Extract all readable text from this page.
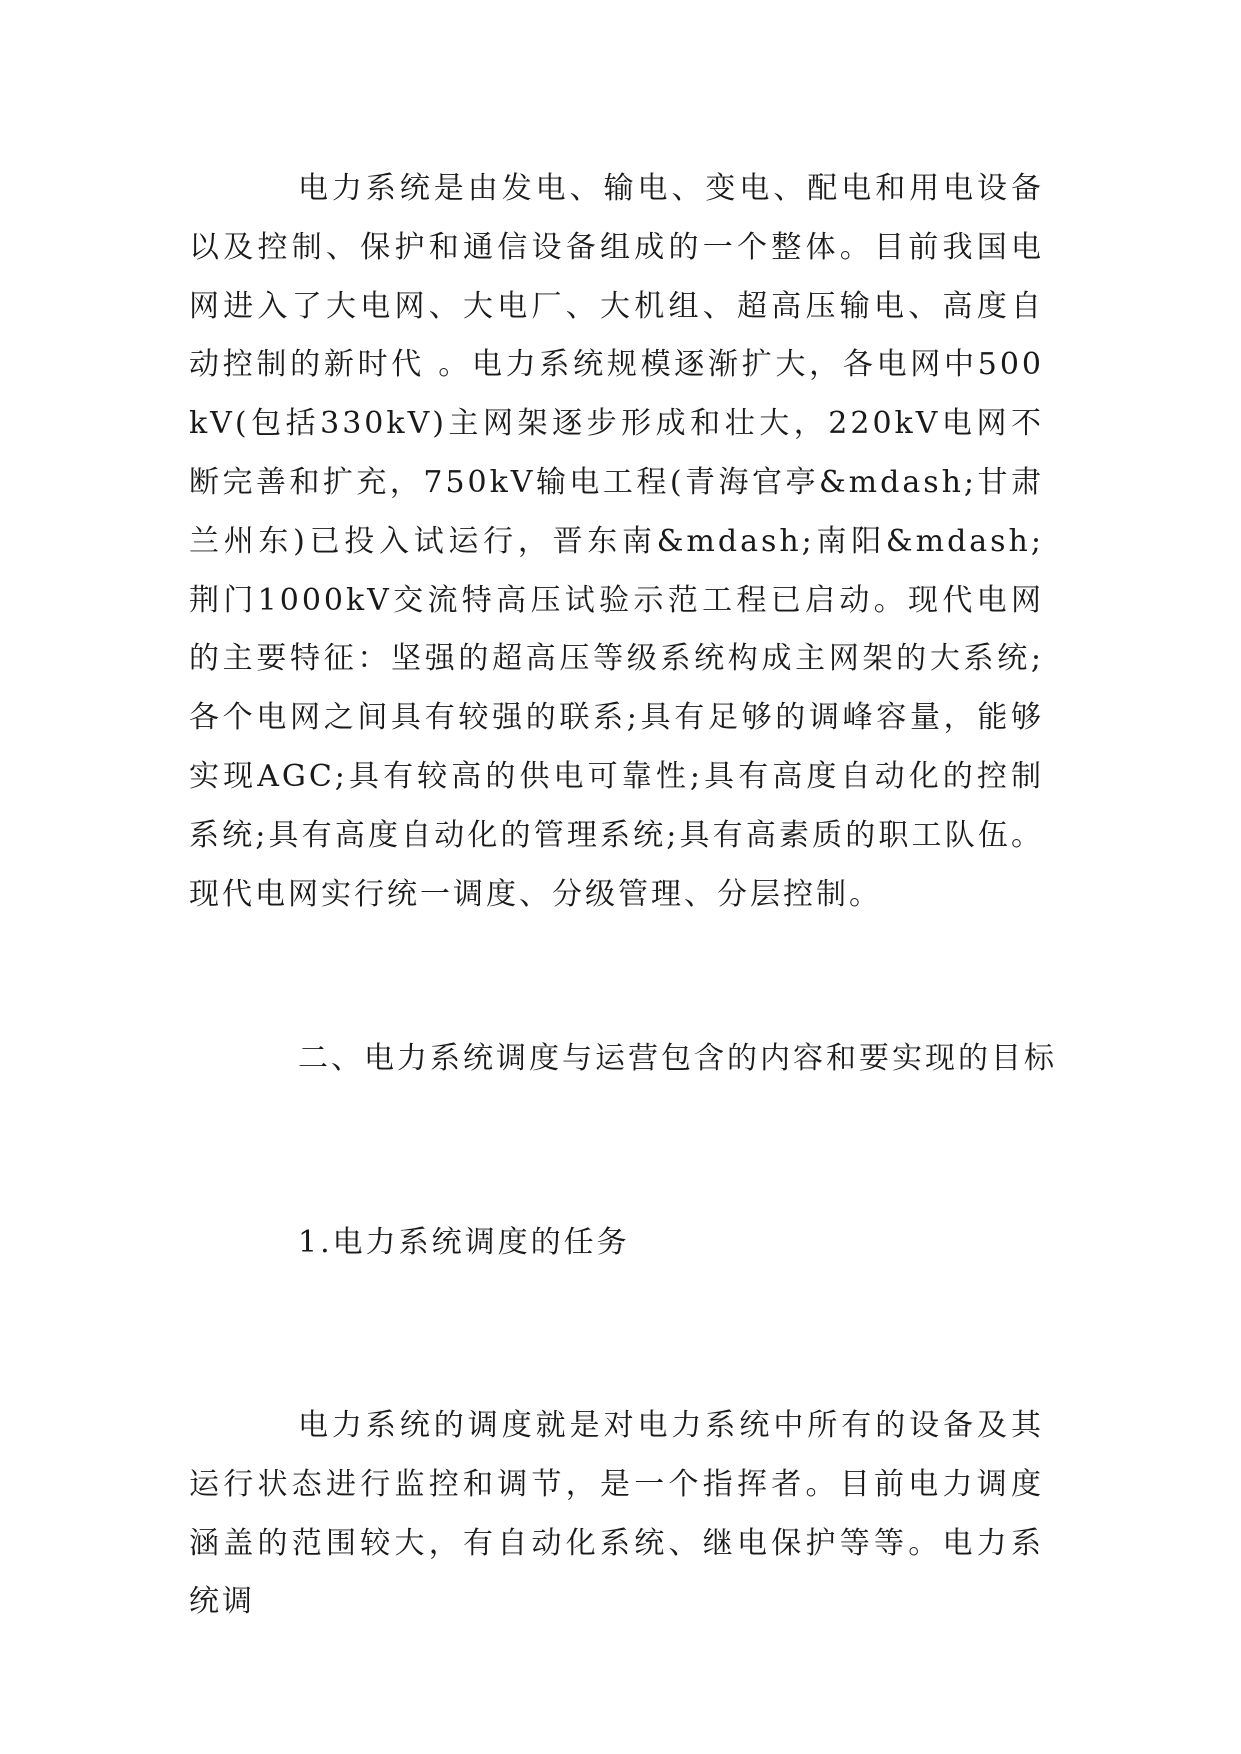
电力系统是由发电、输电、变电、配电和用电设备以及控制、保护和通信设备组成的一个整体。目前我国电网进入了大电网、大电厂、大机组、超高压输电、高度自动控制的新时代 。电力系统规模逐渐扩大，各电网中500kV(包括330kV)主网架逐步形成和壮大，220kV电网不断完善和扩充，750kV输电工程(青海官亭&mdash;甘肃兰州东)已投入试运行，晋东南&mdash;南阳&mdash;荆门1000kV交流特高压试验示范工程已启动。现代电网的主要特征：坚强的超高压等级系统构成主网架的大系统;各个电网之间具有较强的联系;具有足够的调峰容量，能够实现AGC;具有较高的供电可靠性;具有高度自动化的控制系统;具有高度自动化的管理系统;具有高素质的职工队伍。现代电网实行统一调度、分级管理、分层控制。

二、电力系统调度与运营包含的内容和要实现的目标
1.电力系统调度的任务

电力系统的调度就是对电力系统中所有的设备及其运行状态进行监控和调节，是一个指挥者。目前电力调度涵盖的范围较大，有自动化系统、继电保护等等。电力系统调
